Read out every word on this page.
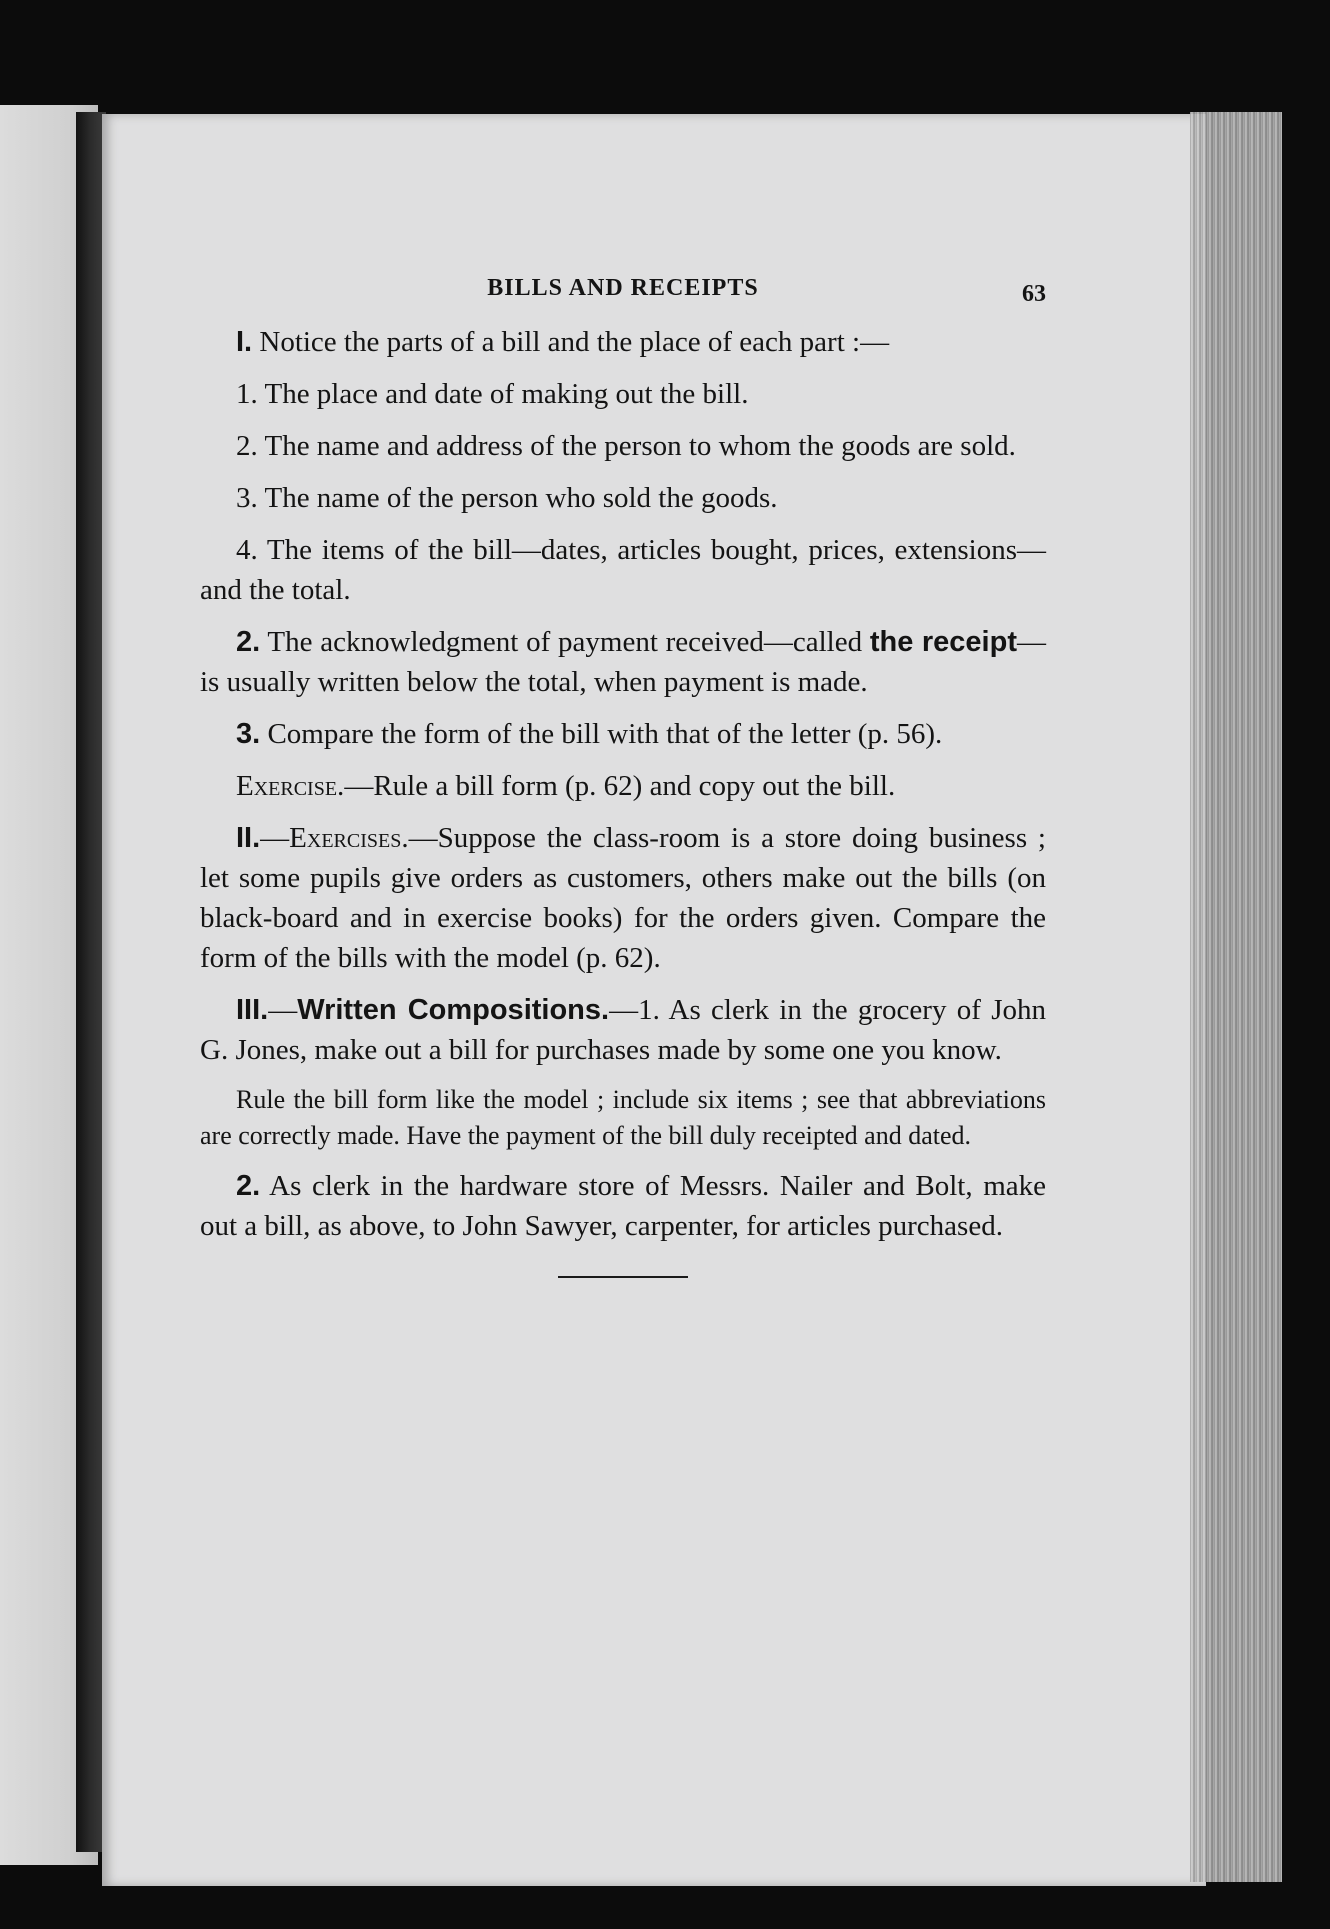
BILLS AND RECEIPTS	63

I. Notice the parts of a bill and the place of each part :—

1. The place and date of making out the bill.

2. The name and address of the person to whom the goods are sold.

3. The name of the person who sold the goods.

4. The items of the bill—dates, articles bought, prices, extensions—and the total.

2. The acknowledgment of payment received—called the receipt—is usually written below the total, when payment is made.

3. Compare the form of the bill with that of the letter (p. 56).

Exercise.—Rule a bill form (p. 62) and copy out the bill.

II.—Exercises.—Suppose the class-room is a store doing business ; let some pupils give orders as customers, others make out the bills (on black-board and in exercise books) for the orders given. Compare the form of the bills with the model (p. 62).

III.—Written Compositions.—1. As clerk in the grocery of John G. Jones, make out a bill for purchases made by some one you know.

Rule the bill form like the model ; include six items ; see that abbreviations are correctly made. Have the payment of the bill duly receipted and dated.

2. As clerk in the hardware store of Messrs. Nailer and Bolt, make out a bill, as above, to John Sawyer, carpenter, for articles purchased.
